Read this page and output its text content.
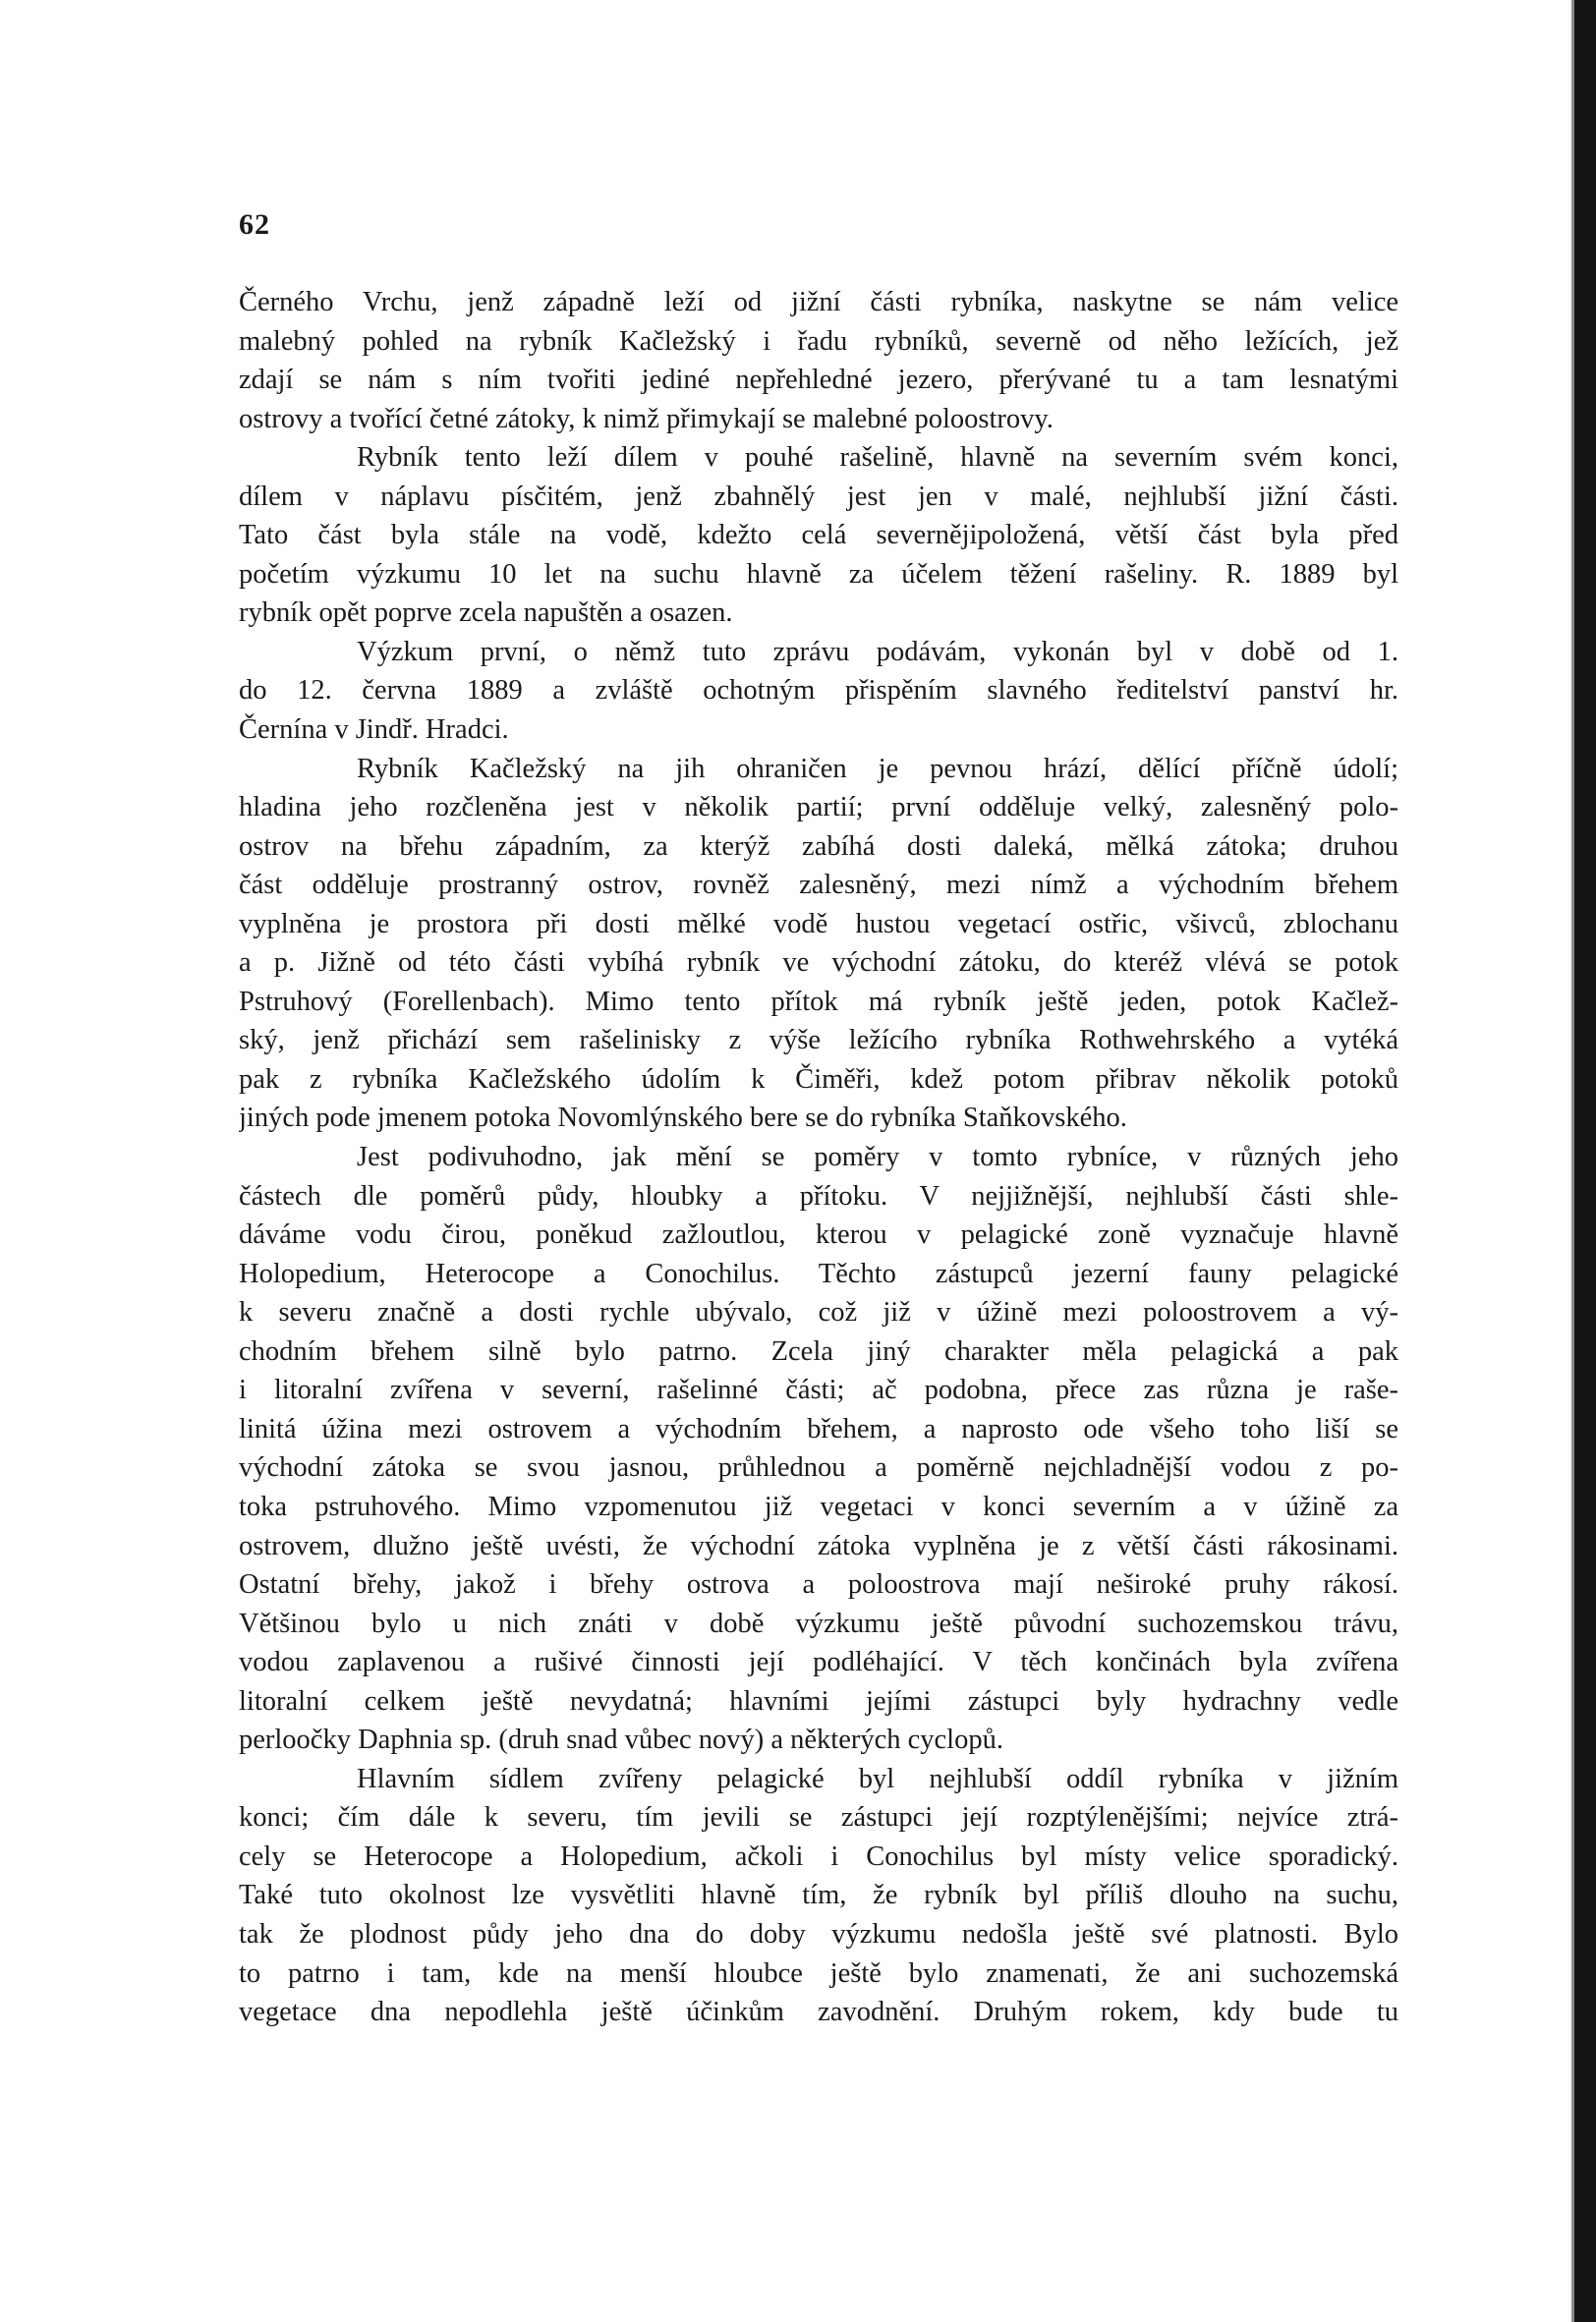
62
Černého Vrchu, jenž západně leží od jižní části rybníka, naskytne se nám velice
malebný pohled na rybník Kačležský i řadu rybníků, severně od něho ležících, jež
zdají se nám s ním tvořiti jediné nepřehledné jezero, přerývané tu a tam lesnatými
ostrovy a tvořící četné zátoky, k nimž přimykají se malebné poloostrovy.
Rybník tento leží dílem v pouhé rašelině, hlavně na severním svém konci,
dílem v náplavu písčitém, jenž zbahnělý jest jen v malé, nejhlubší jižní části.
Tato část byla stále na vodě, kdežto celá severnějipoložená, větší část byla před
početím výzkumu 10 let na suchu hlavně za účelem těžení rašeliny. R. 1889 byl
rybník opět poprve zcela napuštěn a osazen.
Výzkum první, o němž tuto zprávu podávám, vykonán byl v době od 1.
do 12. června 1889 a zvláště ochotným přispěním slavného ředitelství panství hr.
Černína v Jindř. Hradci.
Rybník Kačležský na jih ohraničen je pevnou hrází, dělící příčně údolí;
hladina jeho rozčleněna jest v několik partií; první odděluje velký, zalesněný polo-
ostrov na břehu západním, za kterýž zabíhá dosti daleká, mělká zátoka; druhou
část odděluje prostranný ostrov, rovněž zalesněný, mezi nímž a východním břehem
vyplněna je prostora při dosti mělké vodě hustou vegetací ostřic, všivců, zblochanu
a p. Jižně od této části vybíhá rybník ve východní zátoku, do kteréž vlévá se potok
Pstruhový (Forellenbach). Mimo tento přítok má rybník ještě jeden, potok Kačlež-
ský, jenž přichází sem rašeliniskу z výše ležícího rybníka Rothwehrského a vytéká
pak z rybníka Kačležského údolím k Čiměři, kdež potom přibrav několik potoků
jiných pode jmenem potoka Novomlýnského bere se do rybníka Staňkovského.
Jest podivuhodno, jak mění se poměry v tomto rybníce, v různých jeho
částech dle poměrů půdy, hloubky a přítoku. V nejjižnější, nejhlubší části shle-
dáváme vodu čirou, poněkud zažloutlou, kterou v pelagické zoně vyznačuje hlavně
Holopedium, Heterocope a Conochilus. Těchto zástupců jezerní fauny pelagické
k severu značně a dosti rychle ubývalo, což již v úžině mezi poloostrovem a vý-
chodním břehem silně bylo patrno. Zcela jiný charakter měla pelagická a pak
i litoralní zvířena v severní, rašelinné části; ač podobna, přece zas různa je raše-
linitá úžina mezi ostrovem a východním břehem, a naprosto ode všeho toho liší se
východní zátoka se svou jasnou, průhlednou a poměrně nejchladnější vodou z po-
toka pstruhového. Mimo vzpomenutou již vegetaci v konci severním a v úžině za
ostrovem, dlužno ještě uvésti, že východní zátoka vyplněna je z větší části rákosinami.
Ostatní břehy, jakož i břehy ostrova a poloostrova mají neširoké pruhy rákosí.
Většinou bylo u nich znáti v době výzkumu ještě původní suchozemskou trávu,
vodou zaplavenou a rušivé činnosti její podléhající. V těch končinách byla zvířena
litoralní celkem ještě nevydatná; hlavními jejími zástupci byly hydrachny vedle
perloočky Daphnia sp. (druh snad vůbec nový) a některých cyclopů.
Hlavním sídlem zvířeny pelagické byl nejhlubší oddíl rybníka v jižním
konci; čím dále k severu, tím jevili se zástupci její rozptýlenějšími; nejvíce ztrá-
cely se Heterocope a Holopedium, ačkoli i Conochilus byl místy velice sporadický.
Také tuto okolnost lze vysvětliti hlavně tím, že rybník byl příliš dlouho na suchu,
tak že plodnost půdy jeho dna do doby výzkumu nedošla ještě své platnosti. Bylo
to patrno i tam, kde na menší hloubce ještě bylo znamenati, že ani suchozemská
vegetace dna nepodlehla ještě účinkům zavodnění. Druhým rokem, kdy bude tu
